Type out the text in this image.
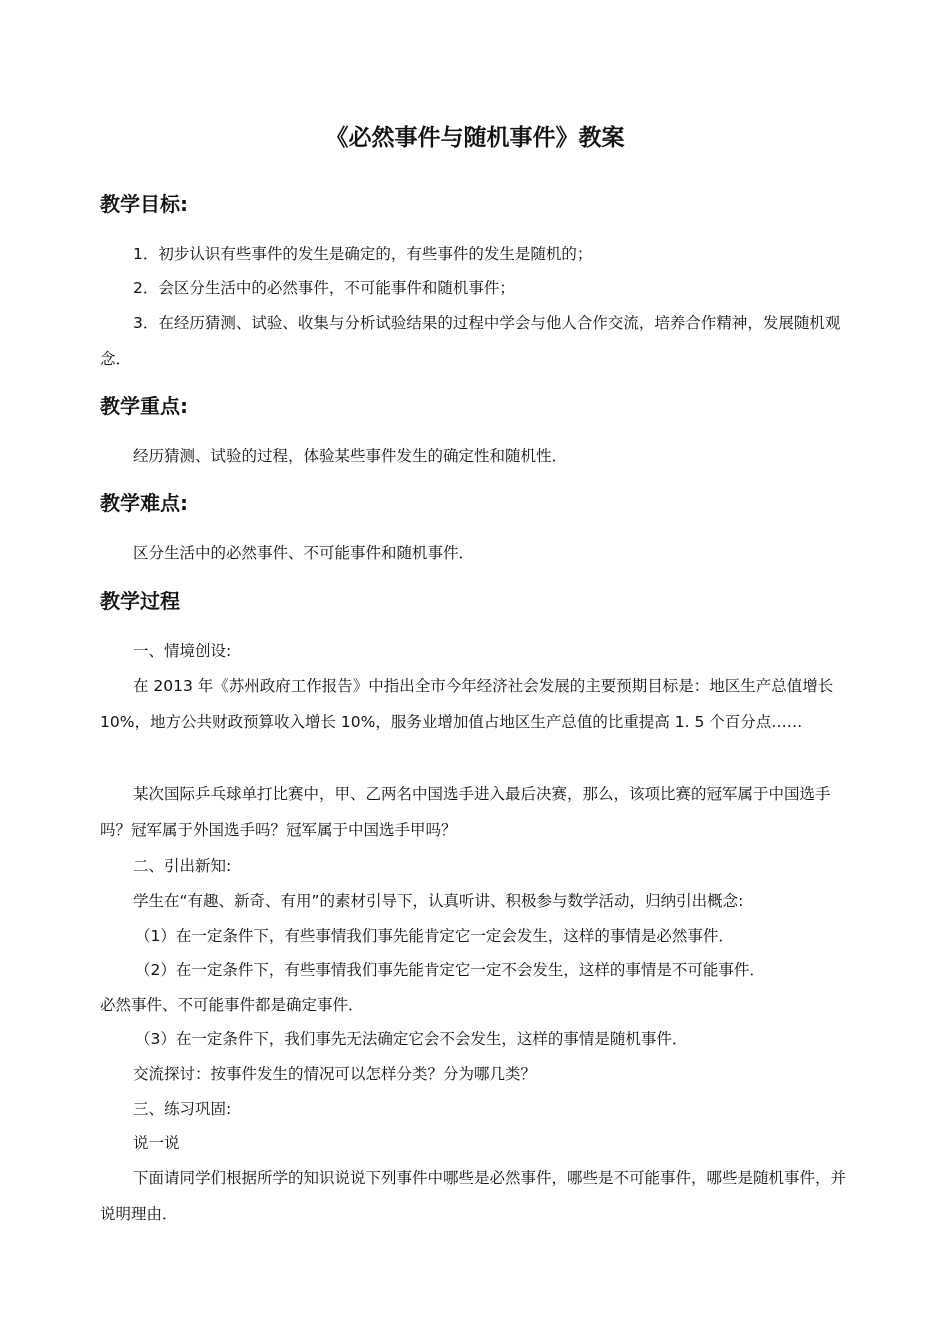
《必然事件与随机事件》教案
教学目标:
1．初步认识有些事件的发生是确定的，有些事件的发生是随机的；
2．会区分生活中的必然事件，不可能事件和随机事件；

3．在经历猜测、试验、收集与分析试验结果的过程中学会与他人合作交流，培养合作精神，发展随机观念．

教学重点:
经历猜测、试验的过程，体验某些事件发生的确定性和随机性．
教学难点:
区分生活中的必然事件、不可能事件和随机事件．
教学过程
一、情境创设:

在 2013 年《苏州政府工作报告》中指出全市今年经济社会发展的主要预期目标是：地区生产总值增长 10%，地方公共财政预算收入增长 10%，服务业增加值占地区生产总值的比重提高 1. 5 个百分点……

某次国际乒乓球单打比赛中，甲、乙两名中国选手进入最后决赛，那么，该项比赛的冠军属于中国选手吗？冠军属于外国选手吗？冠军属于中国选手甲吗？

二、引出新知:
学生在“有趣、新奇、有用”的素材引导下，认真听讲、积极参与数学活动，归纳引出概念:
（1）在一定条件下，有些事情我们事先能肯定它一定会发生，这样的事情是必然事件．
（2）在一定条件下，有些事情我们事先能肯定它一定不会发生，这样的事情是不可能事件．
必然事件、不可能事件都是确定事件．
（3）在一定条件下，我们事先无法确定它会不会发生，这样的事情是随机事件．
交流探讨：按事件发生的情况可以怎样分类？分为哪几类？
三、练习巩固:
说一说

下面请同学们根据所学的知识说说下列事件中哪些是必然事件，哪些是不可能事件，哪些是随机事件，并说明理由．
